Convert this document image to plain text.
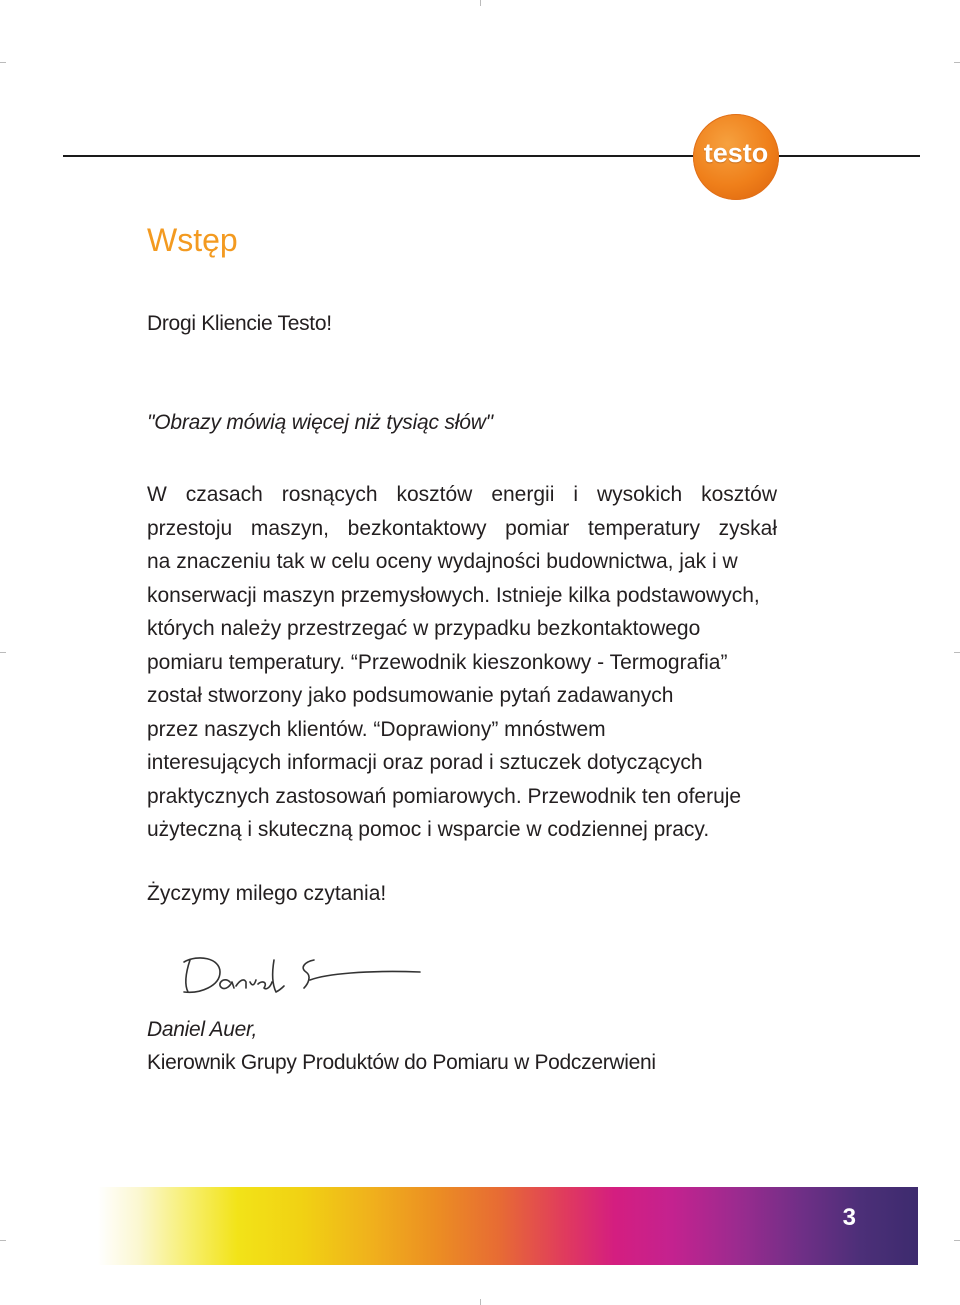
testo
Wstęp
Drogi Kliencie Testo!
"Obrazy mówią więcej niż tysiąc słów"

W czasach rosnących kosztów energii i wysokich kosztów
przestoju maszyn, bezkontaktowy pomiar temperatury zyskał
na znaczeniu tak w celu oceny wydajności budownictwa, jak i w
konserwacji maszyn przemysłowych. Istnieje kilka podstawowych,
których należy przestrzegać w przypadku bezkontaktowego
pomiaru temperatury. “Przewodnik kieszonkowy - Termografia”
został stworzony jako podsumowanie pytań zadawanych
przez naszych klientów. “Doprawiony” mnóstwem
interesujących informacji oraz porad i sztuczek dotyczących
praktycznych zastosowań pomiarowych. Przewodnik ten oferuje
użyteczną i skuteczną pomoc i wsparcie w codziennej pracy.

Życzymy milego czytania!
Daniel Auer,
Kierownik Grupy Produktów do Pomiaru w Podczerwieni
3
